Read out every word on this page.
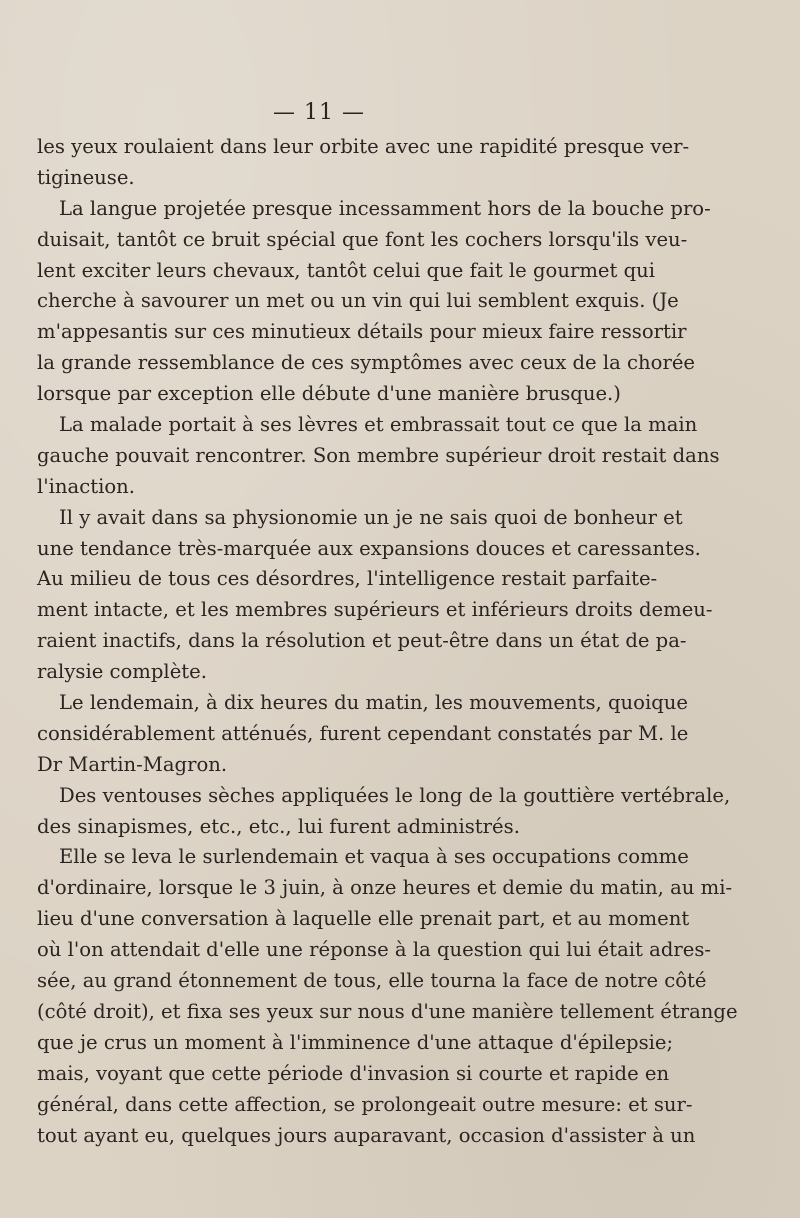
— 11 —
les yeux roulaient dans leur orbite avec une rapidité presque ver-
tigineuse.
La langue projetée presque incessamment hors de la bouche pro-
duisait, tantôt ce bruit spécial que font les cochers lorsqu'ils veu-
lent exciter leurs chevaux, tantôt celui que fait le gourmet qui
cherche à savourer un met ou un vin qui lui semblent exquis. (Je
m'appesantis sur ces minutieux détails pour mieux faire ressortir
la grande ressemblance de ces symptômes avec ceux de la chorée
lorsque par exception elle débute d'une manière brusque.)
La malade portait à ses lèvres et embrassait tout ce que la main
gauche pouvait rencontrer. Son membre supérieur droit restait dans
l'inaction.
Il y avait dans sa physionomie un je ne sais quoi de bonheur et
une tendance très-marquée aux expansions douces et caressantes.
Au milieu de tous ces désordres, l'intelligence restait parfaite-
ment intacte, et les membres supérieurs et inférieurs droits demeu-
raient inactifs, dans la résolution et peut-être dans un état de pa-
ralysie complète.
Le lendemain, à dix heures du matin, les mouvements, quoique
considérablement atténués, furent cependant constatés par M. le
Dr Martin-Magron.
Des ventouses sèches appliquées le long de la gouttière vertébrale,
des sinapismes, etc., etc., lui furent administrés.
Elle se leva le surlendemain et vaqua à ses occupations comme
d'ordinaire, lorsque le 3 juin, à onze heures et demie du matin, au mi-
lieu d'une conversation à laquelle elle prenait part, et au moment
où l'on attendait d'elle une réponse à la question qui lui était adres-
sée, au grand étonnement de tous, elle tourna la face de notre côté
(côté droit), et fixa ses yeux sur nous d'une manière tellement étrange
que je crus un moment à l'imminence d'une attaque d'épilepsie;
mais, voyant que cette période d'invasion si courte et rapide en
général, dans cette affection, se prolongeait outre mesure: et sur-
tout ayant eu, quelques jours auparavant, occasion d'assister à un
